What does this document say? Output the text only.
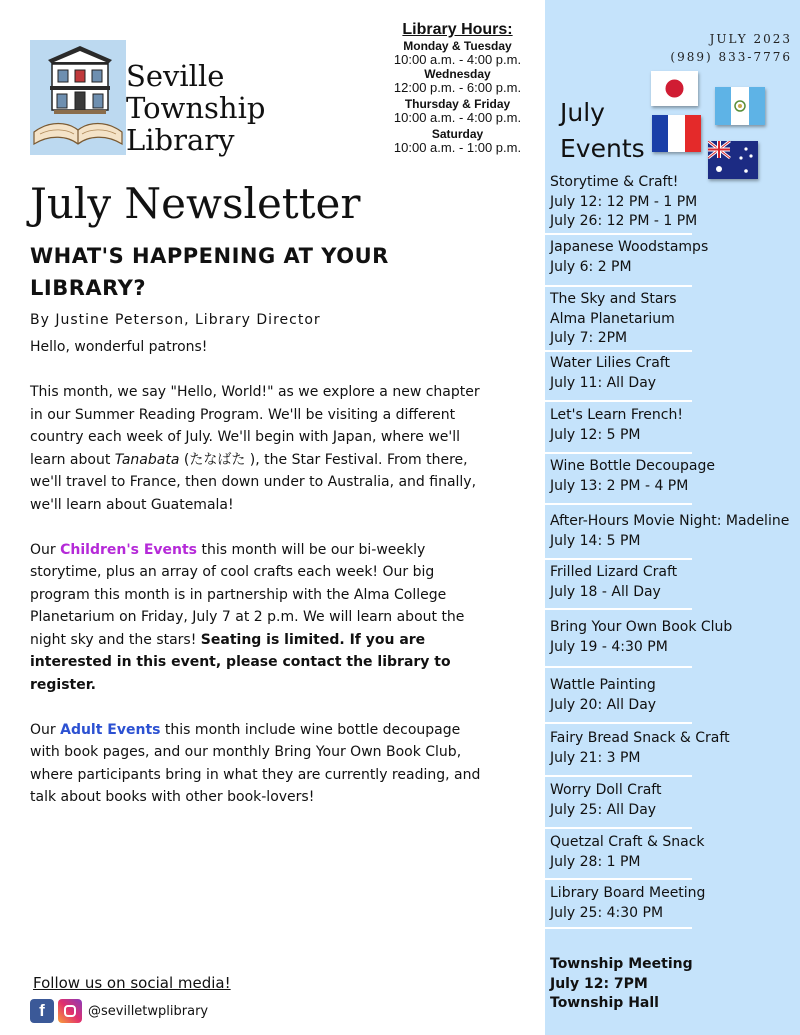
Seville
Township
Library
Library Hours:
Monday & Tuesday
10:00 a.m. - 4:00 p.m.
Wednesday
12:00 p.m. - 6:00 p.m.
Thursday & Friday
10:00 a.m. - 4:00 p.m.
Saturday
10:00 a.m. - 1:00 p.m.
July Newsletter
WHAT'S HAPPENING AT YOUR LIBRARY?
By Justine Peterson, Library Director

Hello, wonderful patrons!

This month, we say "Hello, World!" as we explore a new chapter in our Summer Reading Program. We'll be visiting a different country each week of July. We'll begin with Japan, where we'll learn about Tanabata (たなばた ), the Star Festival. From there, we'll travel to France, then down under to Australia, and finally, we'll learn about Guatemala!

Our Children's Events this month will be our bi-weekly storytime, plus an array of cool crafts each week! Our big program this month is in partnership with the Alma College Planetarium on Friday, July 7 at 2 p.m. We will learn about the night sky and the stars! Seating is limited. If you are interested in this event, please contact the library to register.

Our Adult Events this month include wine bottle decoupage with book pages, and our monthly Bring Your Own Book Club, where participants bring in what they are currently reading, and talk about books with other book-lovers!

Follow us on social media!
f	@sevilletwplibrary
JULY 2023
(989) 833-7776
July
Events
Storytime & Craft!
July 12: 12 PM - 1 PM
July 26: 12 PM - 1 PM
Japanese Woodstamps
July 6: 2 PM
The Sky and Stars
Alma Planetarium
July 7: 2PM
Water Lilies Craft
July 11: All Day
Let's Learn French!
July 12: 5 PM
Wine Bottle Decoupage
July 13: 2 PM - 4 PM
After-Hours Movie Night: Madeline
July 14: 5 PM
Frilled Lizard Craft
July 18 - All Day
Bring Your Own Book Club
July 19 - 4:30 PM
Wattle Painting
July 20: All Day
Fairy Bread Snack & Craft
July 21: 3 PM
Worry Doll Craft
July 25: All Day
Quetzal Craft & Snack
July 28: 1 PM
Library Board Meeting
July 25: 4:30 PM
Township Meeting
July 12: 7PM
Township Hall
